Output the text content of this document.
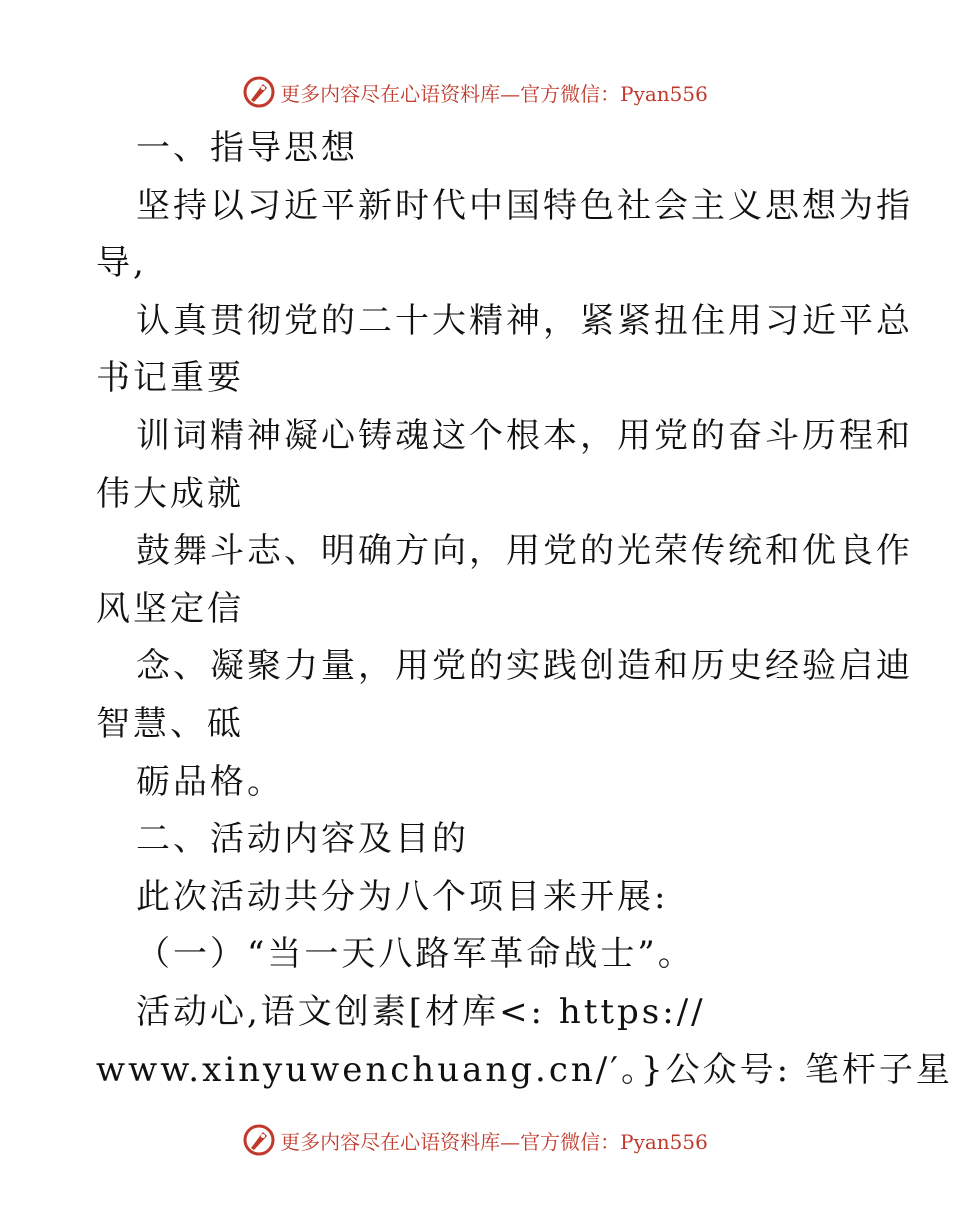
更多内容尽在心语资料库—官方微信：Pyan556
一、指导思想
坚持以习近平新时代中国特色社会主义思想为指
导,
认真贯彻党的二十大精神，紧紧扭住用习近平总
书记重要
训词精神凝心铸魂这个根本，用党的奋斗历程和
伟大成就
鼓舞斗志、明确方向，用党的光荣传统和优良作
风坚定信
念、凝聚力量，用党的实践创造和历史经验启迪
智慧、砥
砺品格。
二、活动内容及目的
此次活动共分为八个项目来开展:
（一）“当一天八路军革命战士”。
活动心,语文创素[材库<: https://
www.xinyuwenchuang.cn/′。}公众号: 笔杆子星
更多内容尽在心语资料库—官方微信：Pyan556
